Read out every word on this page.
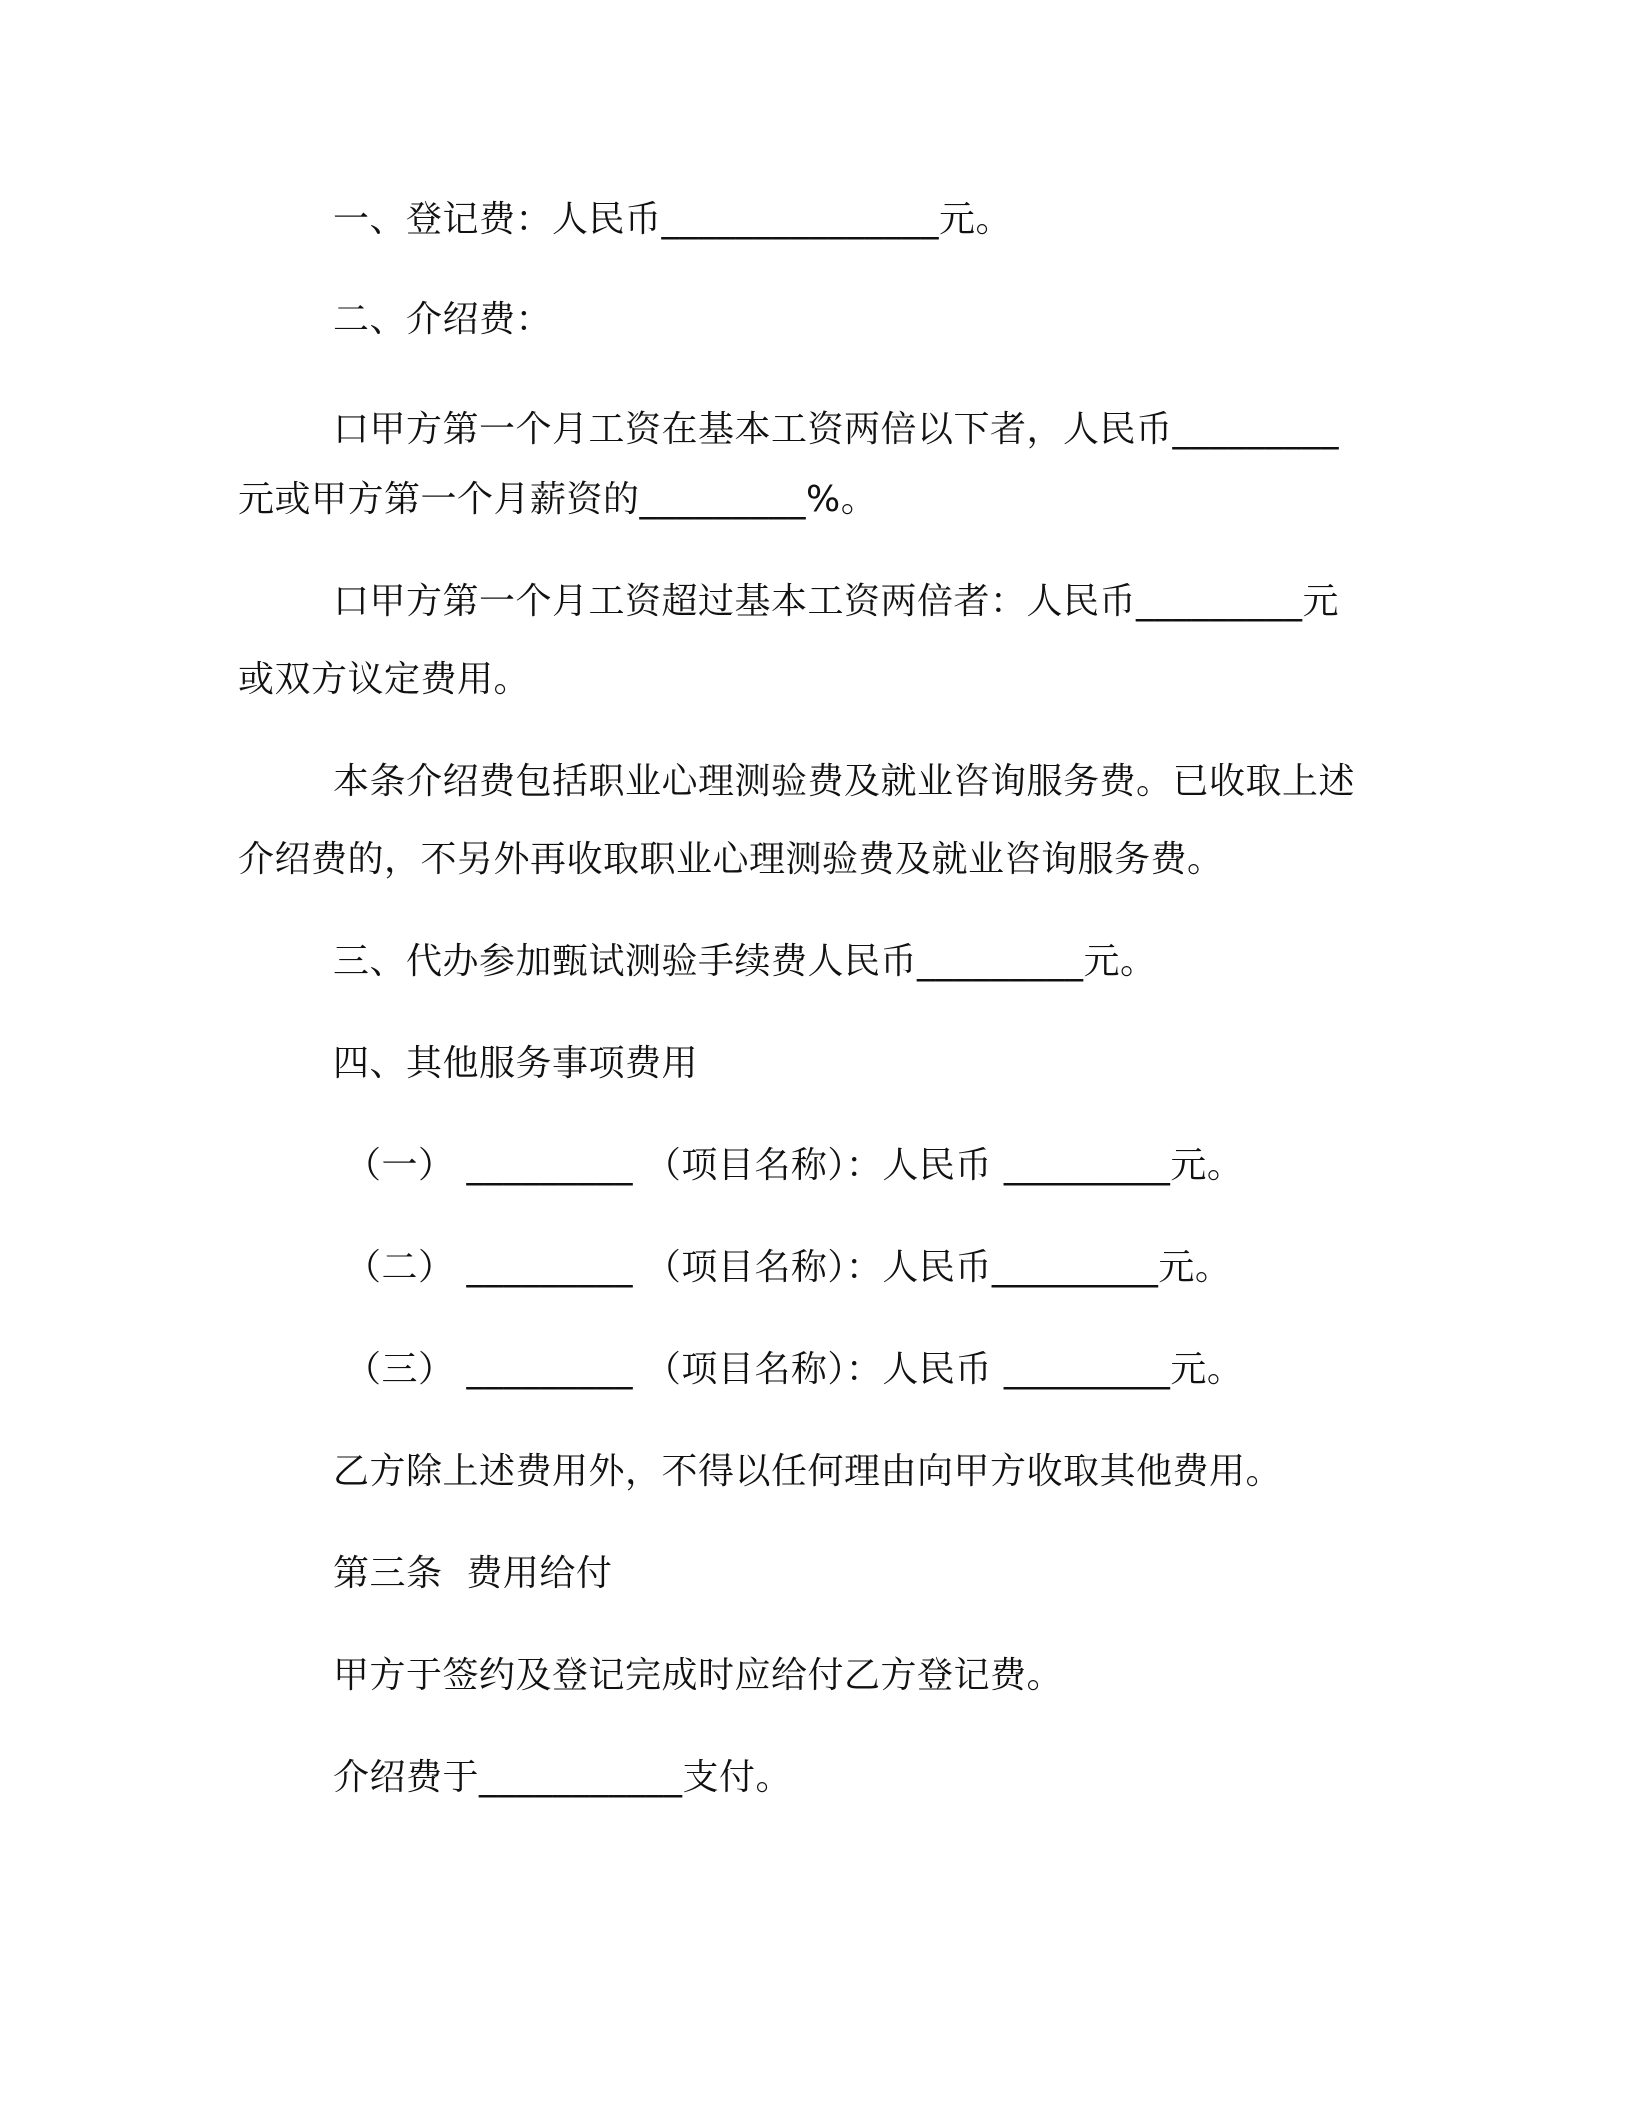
一、登记费：人民币_______________元。
二、介绍费：
口甲方第一个月工资在基本工资两倍以下者，人民币_________
元或甲方第一个月薪资的_________%。
口甲方第一个月工资超过基本工资两倍者：人民币_________元
或双方议定费用。
本条介绍费包括职业心理测验费及就业咨询服务费。已收取上述
介绍费的，不另外再收取职业心理测验费及就业咨询服务费。
三、代办参加甄试测验手续费人民币_________元。
四、其他服务事项费用
（一） _________ （项目名称）：人民币 _________元。
（二） _________ （项目名称）：人民币_________元。
（三） _________ （项目名称）：人民币 _________元。
乙方除上述费用外，不得以任何理由向甲方收取其他费用。
第三条  费用给付
甲方于签约及登记完成时应给付乙方登记费。
介绍费于___________支付。
